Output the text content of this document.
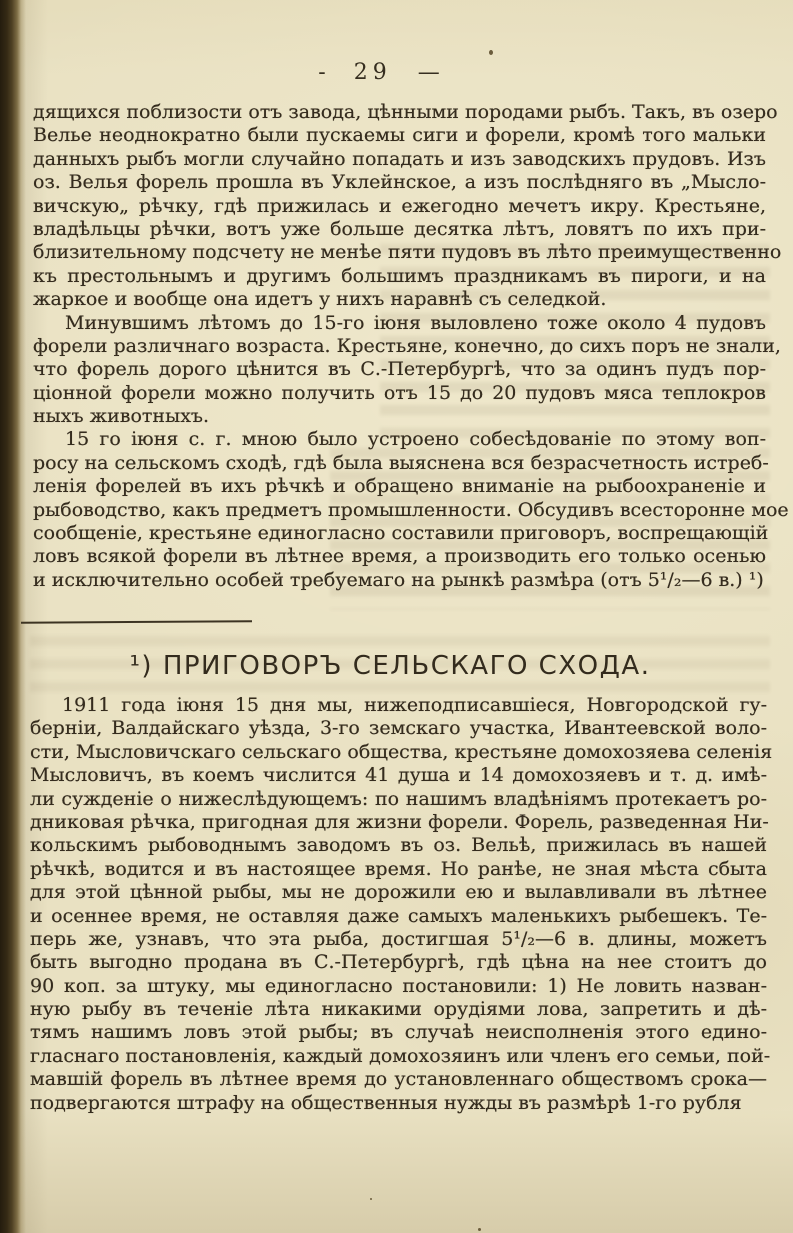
- 29 —
дящихся поблизости отъ завода, цѣнными породами рыбъ. Такъ, въ озеро
Велье неоднократно были пускаемы сиги и форели, кромѣ того мальки
данныхъ рыбъ могли случайно попадать и изъ заводскихъ прудовъ. Изъ
оз. Велья форель прошла въ Уклейнское, а изъ послѣдняго въ „Мысло-
вичскую„ рѣчку, гдѣ прижилась и ежегодно мечетъ икру. Крестьяне,
владѣльцы рѣчки, вотъ уже больше десятка лѣтъ, ловятъ по ихъ при-
близительному подсчету не менѣе пяти пудовъ въ лѣто преимущественно
къ престольнымъ и другимъ большимъ праздникамъ въ пироги, и на
жаркое и вообще она идетъ у нихъ наравнѣ съ селедкой.
Минувшимъ лѣтомъ до 15-го іюня выловлено тоже около 4 пудовъ
форели различнаго возраста. Крестьяне, конечно, до сихъ поръ не знали,
что форель дорого цѣнится въ С.-Петербургѣ, что за одинъ пудъ пор-
ціонной форели можно получить отъ 15 до 20 пудовъ мяса теплокров
ныхъ животныхъ.
15 го іюня с. г. мною было устроено собесѣдованіе по этому воп-
росу на сельскомъ сходѣ, гдѣ была выяснена вся безрасчетность истреб-
ленія форелей въ ихъ рѣчкѣ и обращено вниманіе на рыбоохраненіе и
рыбоводство, какъ предметъ промышленности. Обсудивъ всесторонне мое
сообщеніе, крестьяне единогласно составили приговоръ, воспрещающій
ловъ всякой форели въ лѣтнее время, а производить его только осенью
и исключительно особей требуемаго на рынкѣ размѣра (отъ 5¹/₂—6 в.) ¹)
¹) ПРИГОВОРЪ СЕЛЬСКАГО СХОДА.
1911 года іюня 15 дня мы, нижеподписавшіеся, Новгородской гу-
берніи, Валдайскаго уѣзда, 3-го земскаго участка, Ивантеевской воло-
сти, Мысловичскаго сельскаго общества, крестьяне домохозяева селенія
Мысловичъ, въ коемъ числится 41 душа и 14 домохозяевъ и т. д. имѣ-
ли сужденіе о нижеслѣдующемъ: по нашимъ владѣніямъ протекаетъ ро-
дниковая рѣчка, пригодная для жизни форели. Форель, разведенная Ни-
кольскимъ рыбоводнымъ заводомъ въ оз. Вельѣ, прижилась въ нашей
рѣчкѣ, водится и въ настоящее время. Но ранѣе, не зная мѣста сбыта
для этой цѣнной рыбы, мы не дорожили ею и вылавливали въ лѣтнее
и осеннее время, не оставляя даже самыхъ маленькихъ рыбешекъ. Те-
перь же, узнавъ, что эта рыба, достигшая 5¹/₂—6 в. длины, можетъ
быть выгодно продана въ С.-Петербургѣ, гдѣ цѣна на нее стоитъ до
90 коп. за штуку, мы единогласно постановили: 1) Не ловить назван-
ную рыбу въ теченіе лѣта никакими орудіями лова, запретить и дѣ-
тямъ нашимъ ловъ этой рыбы; въ случаѣ неисполненія этого едино-
гласнаго постановленія, каждый домохозяинъ или членъ его семьи, пой-
мавшій форель въ лѣтнее время до установленнаго обществомъ срока—
подвергаются штрафу на общественныя нужды въ размѣрѣ 1-го рубля
